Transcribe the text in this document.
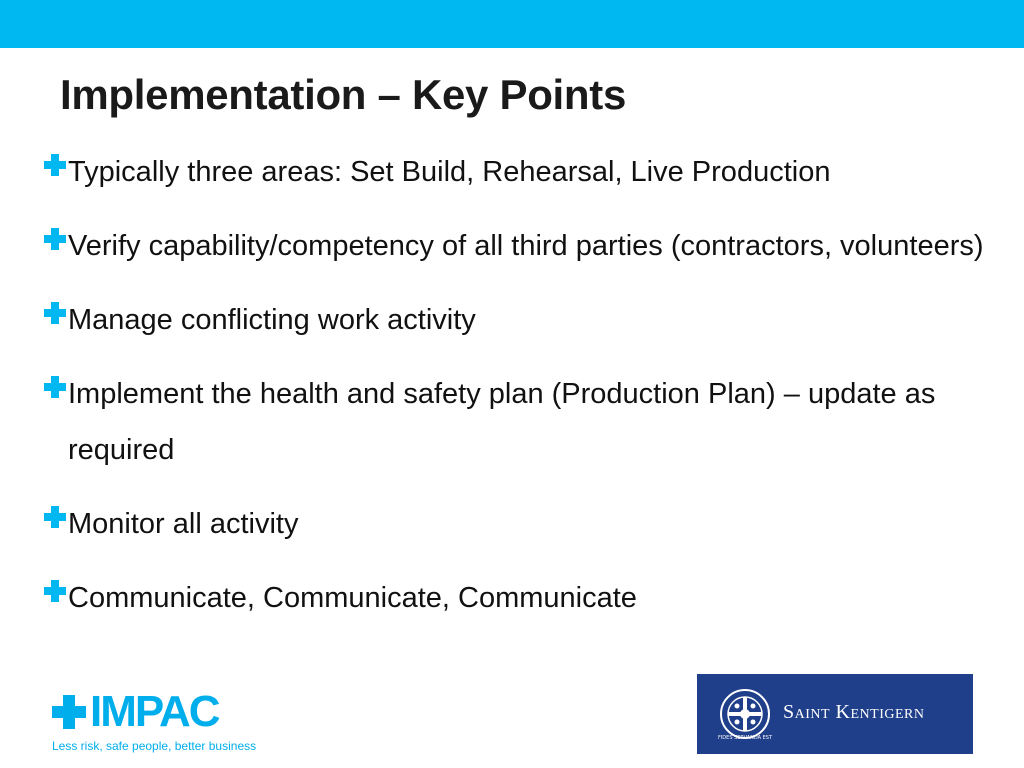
Implementation – Key Points
Typically three areas: Set Build, Rehearsal, Live Production
Verify capability/competency of all third parties (contractors, volunteers)
Manage conflicting work activity
Implement the health and safety plan (Production Plan) – update as required
Monitor all activity
Communicate, Communicate, Communicate
IMPAC
Less risk, safe people, better business
FIDES SERVANDA EST
Saint Kentigern
